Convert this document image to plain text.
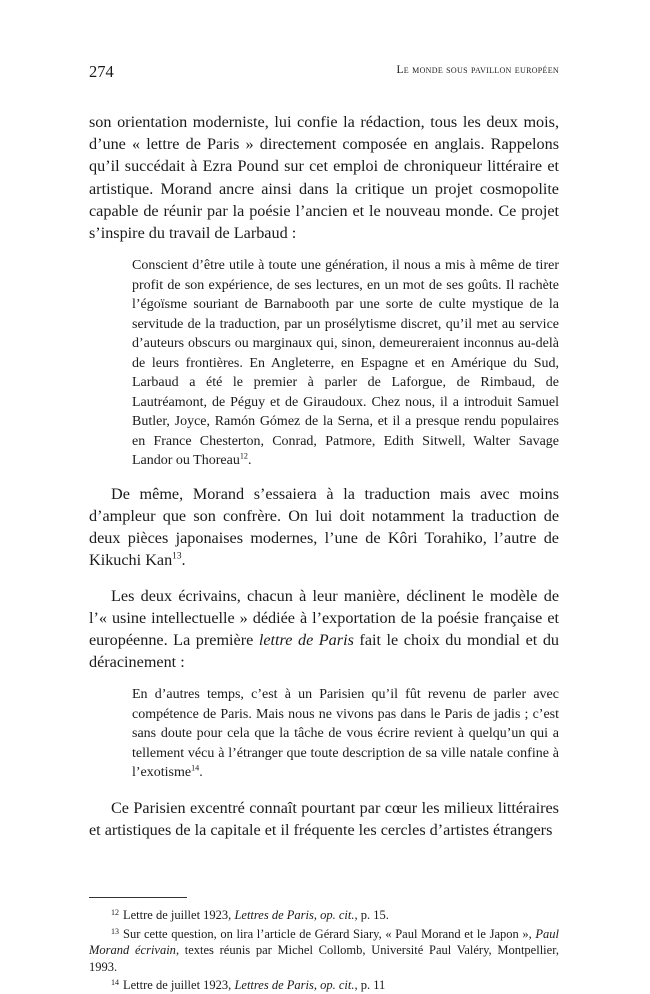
274	Le monde sous pavillon européen

son orientation moderniste, lui confie la rédaction, tous les deux mois, d’une « lettre de Paris » directement composée en anglais. Rappelons qu’il succédait à Ezra Pound sur cet emploi de chroniqueur littéraire et artistique. Morand ancre ainsi dans la critique un projet cosmopolite capable de réunir par la poésie l’ancien et le nouveau monde. Ce projet s’inspire du travail de Larbaud :

Conscient d’être utile à toute une génération, il nous a mis à même de tirer profit de son expérience, de ses lectures, en un mot de ses goûts. Il rachète l’égoïsme souriant de Barnabooth par une sorte de culte mystique de la servitude de la traduction, par un prosélytisme discret, qu’il met au service d’auteurs obscurs ou marginaux qui, sinon, demeureraient inconnus au-delà de leurs frontières. En Angleterre, en Espagne et en Amérique du Sud, Larbaud a été le premier à parler de Laforgue, de Rimbaud, de Lautréamont, de Péguy et de Giraudoux. Chez nous, il a introduit Samuel Butler, Joyce, Ramón Gómez de la Serna, et il a presque rendu populaires en France Chesterton, Conrad, Patmore, Edith Sitwell, Walter Savage Landor ou Thoreau$^{12}$.

De même, Morand s’essaiera à la traduction mais avec moins d’ampleur que son confrère. On lui doit notamment la traduction de deux pièces japonaises modernes, l’une de Kôri Torahiko, l’autre de Kikuchi Kan$^{13}$.

Les deux écrivains, chacun à leur manière, déclinent le modèle de l’« usine intellectuelle » dédiée à l’exportation de la poésie française et européenne. La première lettre de Paris fait le choix du mondial et du déracinement :

En d’autres temps, c’est à un Parisien qu’il fût revenu de parler avec compétence de Paris. Mais nous ne vivons pas dans le Paris de jadis ; c’est sans doute pour cela que la tâche de vous écrire revient à quelqu’un qui a tellement vécu à l’étranger que toute description de sa ville natale confine à l’exotisme$^{14}$.

Ce Parisien excentré connaît pourtant par cœur les milieux littéraires et artistiques de la capitale et il fréquente les cercles d’artistes étrangers

$^{12}$ Lettre de juillet 1923, Lettres de Paris, op. cit., p. 15.

$^{13}$ Sur cette question, on lira l’article de Gérard Siary, « Paul Morand et le Japon », Paul Morand écrivain, textes réunis par Michel Collomb, Université Paul Valéry, Montpellier, 1993.

$^{14}$ Lettre de juillet 1923, Lettres de Paris, op. cit., p. 11
